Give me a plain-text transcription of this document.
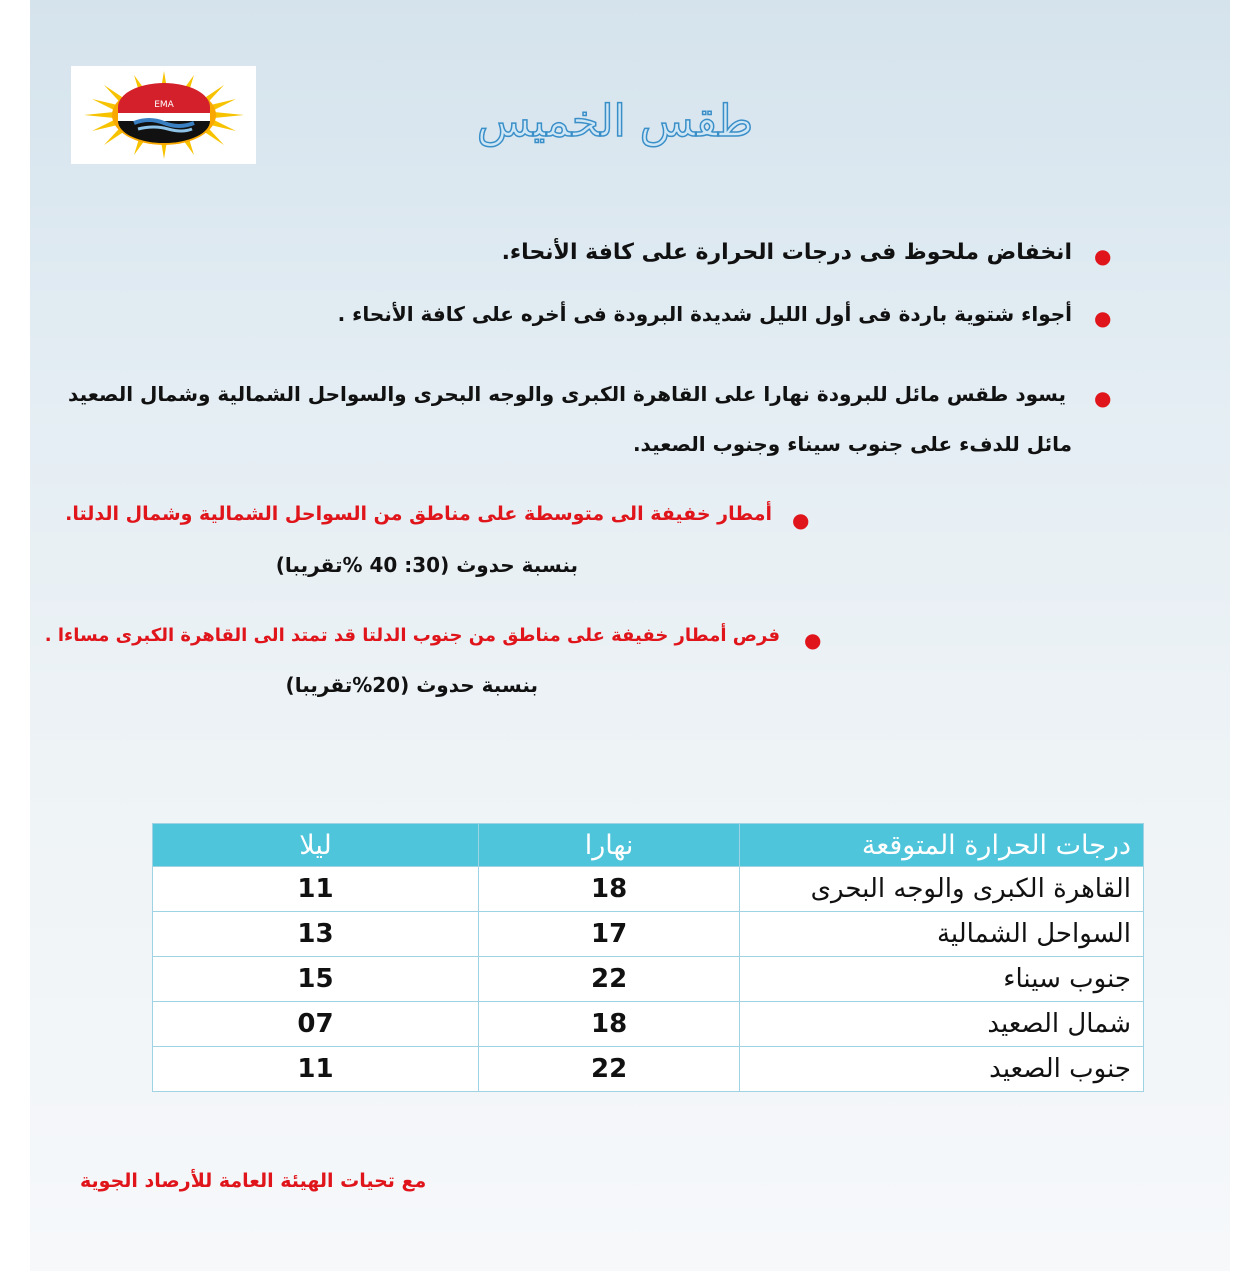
EMA	طقس الخميس
●
انخفاض ملحوظ فى درجات الحرارة على كافة الأنحاء.
●
أجواء شتوية باردة فى أول الليل شديدة البرودة فى أخره على كافة الأنحاء .
●
يسود طقس مائل للبرودة نهارا على القاهرة الكبرى والوجه البحرى والسواحل الشمالية وشمال الصعيد
مائل للدفء على جنوب سيناء وجنوب الصعيد.
●
أمطار خفيفة الى متوسطة على مناطق من السواحل الشمالية وشمال الدلتا.
بنسبة حدوث (30: 40 %تقريبا)
●
فرص أمطار خفيفة على مناطق من جنوب الدلتا قد تمتد الى القاهرة الكبرى مساءا .
بنسبة حدوث (20%تقريبا)
درجات الحرارة المتوقعة	نهارا	ليلا
القاهرة الكبرى والوجه البحرى	18	11
السواحل الشمالية	17	13
جنوب سيناء	22	15
شمال الصعيد	18	07
جنوب الصعيد	22	11
مع تحيات الهيئة العامة للأرصاد الجوية
